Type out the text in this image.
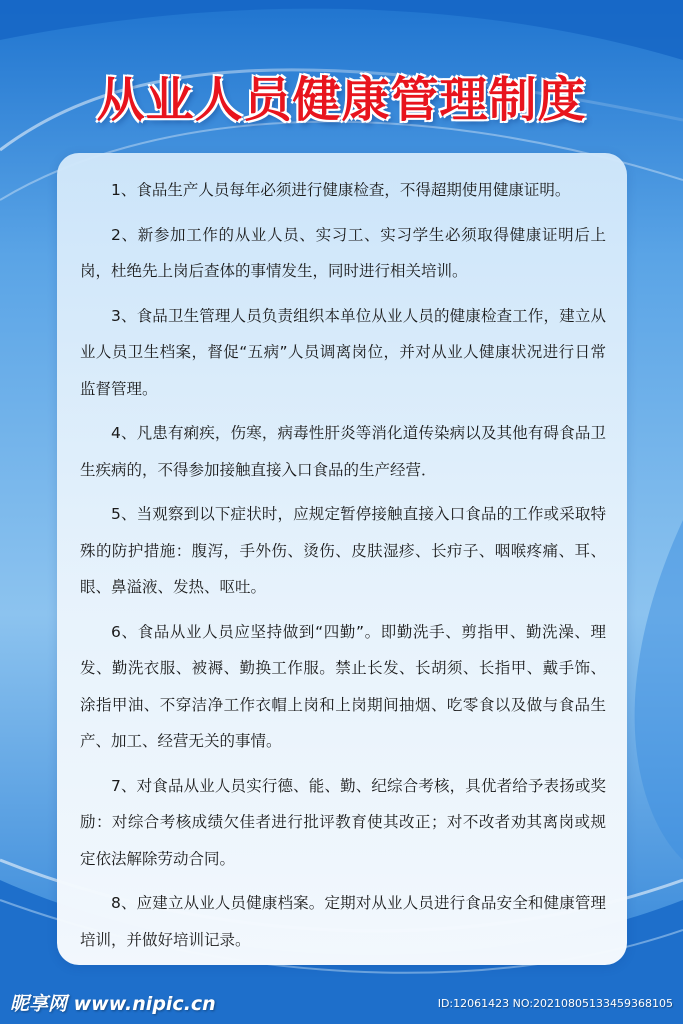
从业人员健康管理制度

1、食品生产人员每年必须进行健康检查，不得超期使用健康证明。

2、新参加工作的从业人员、实习工、实习学生必须取得健康证明后上岗，杜绝先上岗后查体的事情发生，同时进行相关培训。

3、食品卫生管理人员负责组织本单位从业人员的健康检查工作，建立从业人员卫生档案，督促“五病”人员调离岗位，并对从业人健康状况进行日常监督管理。

4、凡患有痢疾，伤寒，病毒性肝炎等消化道传染病以及其他有碍食品卫生疾病的，不得参加接触直接入口食品的生产经营．

5、当观察到以下症状时，应规定暂停接触直接入口食品的工作或采取特殊的防护措施：腹泻，手外伤、烫伤、皮肤湿疹、长疖子、咽喉疼痛、耳、眼、鼻溢液、发热、呕吐。

6、食品从业人员应坚持做到“四勤”。即勤洗手、剪指甲、勤洗澡、理发、勤洗衣服、被褥、勤换工作服。禁止长发、长胡须、长指甲、戴手饰、涂指甲油、不穿洁净工作衣帽上岗和上岗期间抽烟、吃零食以及做与食品生产、加工、经营无关的事情。

7、对食品从业人员实行德、能、勤、纪综合考核，具优者给予表扬或奖励：对综合考核成绩欠佳者进行批评教育使其改正；对不改者劝其离岗或规定依法解除劳动合同。

8、应建立从业人员健康档案。定期对从业人员进行食品安全和健康管理培训，并做好培训记录。

昵享网 www.nipic.cn	ID:12061423 NO:20210805133459368105
